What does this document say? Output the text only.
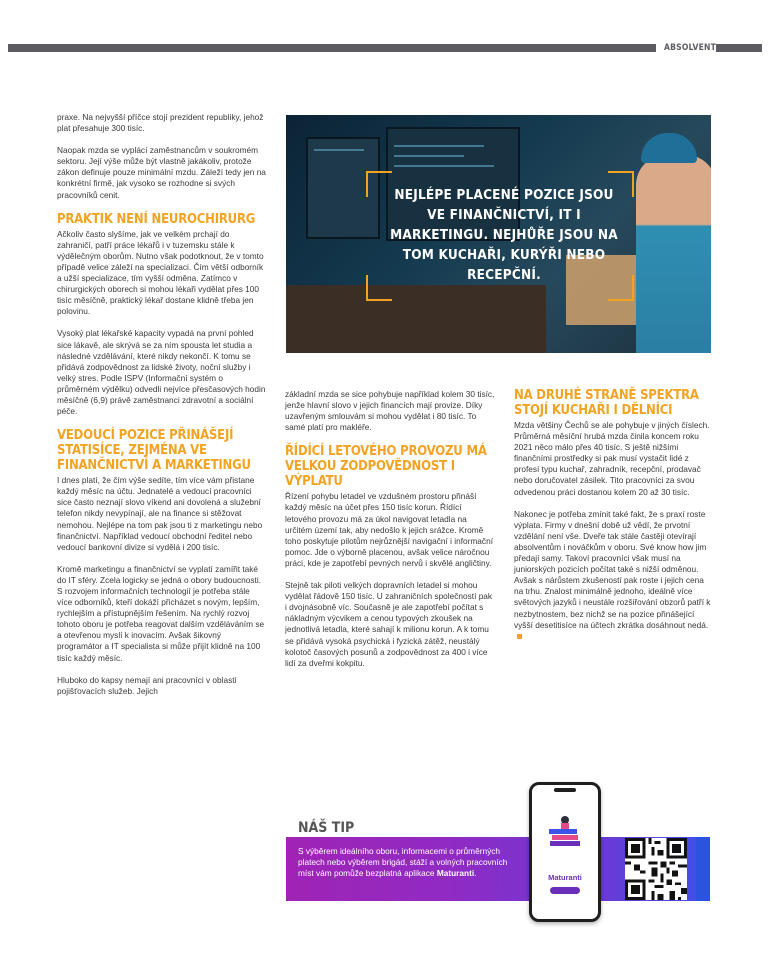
ABSOLVENT

praxe. Na nejvyšší příčce stojí prezident republiky, jehož plat přesahuje 300 tisíc.

Naopak mzda se vyplácí zaměstnancům v soukromém sektoru. Její výše může být vlastně jakákoliv, protože zákon definuje pouze minimální mzdu. Záleží tedy jen na konkrétní firmě, jak vysoko se rozhodne si svých pracovníků cenit.

PRAKTIK NENÍ NEUROCHIRURG

Ačkoliv často slyšíme, jak ve velkém prchají do zahraničí, patří práce lékařů i v tuzemsku stále k výdělečným oborům. Nutno však podotknout, že v tomto případě velice záleží na specializaci. Čím větší odborník a užší specializace, tím vyšší odměna. Zatímco v chirurgických oborech si mohou lékaři vydělat přes 100 tisíc měsíčně, praktický lékař dostane klidně třeba jen polovinu.

Vysoký plat lékařské kapacity vypadá na první pohled sice lákavě, ale skrývá se za ním spousta let studia a následné vzdělávání, které nikdy nekončí. K tomu se přidává zodpovědnost za lidské životy, noční služby i velký stres. Podle ISPV (Informační systém o průměrném výdělku) odvedli nejvíce přesčasových hodin měsíčně (6,9) právě zaměstnanci zdravotní a sociální péče.

VEDOUCÍ POZICE PŘINÁŠEJÍ STATISÍCE, ZEJMÉNA VE FINANČNICTVÍ A MARKETINGU

I dnes platí, že čím výše sedíte, tím více vám přistane každý měsíc na účtu. Jednatelé a vedoucí pracovníci sice často neznají slovo víkend ani dovolená a služební telefon nikdy nevypínají, ale na finance si stěžovat nemohou. Nejlépe na tom pak jsou ti z marketingu nebo finančnictví. Například vedoucí obchodní ředitel nebo vedoucí bankovní divize si vydělá i 200 tisíc.

Kromě marketingu a finančnictví se vyplatí zamířit také do IT sféry. Zcela logicky se jedná o obory budoucnosti. S rozvojem informačních technologií je potřeba stále více odborníků, kteří dokáží přicházet s novým, lepším, rychlejším a přístupnějším řešením. Na rychlý rozvoj tohoto oboru je potřeba reagovat dalším vzděláváním se a otevřenou myslí k inovacím. Avšak šikovný programátor a IT specialista si může přijít klidně na 100 tisíc každý měsíc.

Hluboko do kapsy nemají ani pracovníci v oblasti pojišťovacích služeb. Jejich

NEJLÉPE PLACENÉ POZICE JSOU VE FINANČNICTVÍ, IT I MARKETINGU. NEJHŮŘE JSOU NA TOM KUCHAŘI, KURÝŘI NEBO RECEPČNÍ.

základní mzda se sice pohybuje například kolem 30 tisíc, jenže hlavní slovo v jejich financích mají provize. Díky uzavřeným smlouvám si mohou vydělat i 80 tisíc. To samé platí pro makléře.

ŘÍDÍCÍ LETOVÉHO PROVOZU MÁ VELKOU ZODPOVĚDNOST I VÝPLATU

Řízení pohybu letadel ve vzdušném prostoru přináší každý měsíc na účet přes 150 tisíc korun. Řídící letového provozu má za úkol navigovat letadla na určitém území tak, aby nedošlo k jejich srážce. Kromě toho poskytuje pilotům nejrůznější navigační i informační pomoc. Jde o výborně placenou, avšak velice náročnou práci, kde je zapotřebí pevných nervů i skvělé angličtiny.

Stejně tak piloti velkých dopravních letadel si mohou vydělat řádově 150 tisíc. U zahraničních společností pak i dvojnásobně víc. Současně je ale zapotřebí počítat s nákladným výcvikem a cenou typových zkoušek na jednotlivá letadla, které sahají k milionu korun. A k tomu se přidává vysoká psychická i fyzická zátěž, neustálý kolotoč časových posunů a zodpovědnost za 400 i více lidí za dveřmi kokpitu.

NA DRUHÉ STRANĚ SPEKTRA STOJÍ KUCHAŘI I DĚLNÍCI

Mzda většiny Čechů se ale pohybuje v jiných číslech. Průměrná měsíční hrubá mzda činila koncem roku 2021 něco málo přes 40 tisíc. S ještě nižšími finančními prostředky si pak musí vystačit lidé z profesí typu kuchař, zahradník, recepční, prodavač nebo doručovatel zásilek. Tito pracovníci za svou odvedenou práci dostanou kolem 20 až 30 tisíc.

Nakonec je potřeba zmínit také fakt, že s praxí roste výplata. Firmy v dnešní době už vědí, že prvotní vzdělání není vše. Dveře tak stále častěji otevírají absolventům i nováčkům v oboru. Své know how jim předají samy. Takoví pracovníci však musí na juniorských pozicích počítat také s nižší odměnou. Avšak s nárůstem zkušeností pak roste i jejich cena na trhu. Znalost minimálně jednoho, ideálně více světových jazyků i neustále rozšiřování obzorů patří k nezbytnostem, bez nichž se na pozice přinášející vyšší desetitisíce na účtech zkrátka dosáhnout nedá.

NÁŠ TIP
S výběrem ideálního oboru, informacemi o průměrných platech nebo výběrem brigád, stáží a volných pracovních míst vám pomůže bezplatná aplikace Maturanti.	Maturanti
